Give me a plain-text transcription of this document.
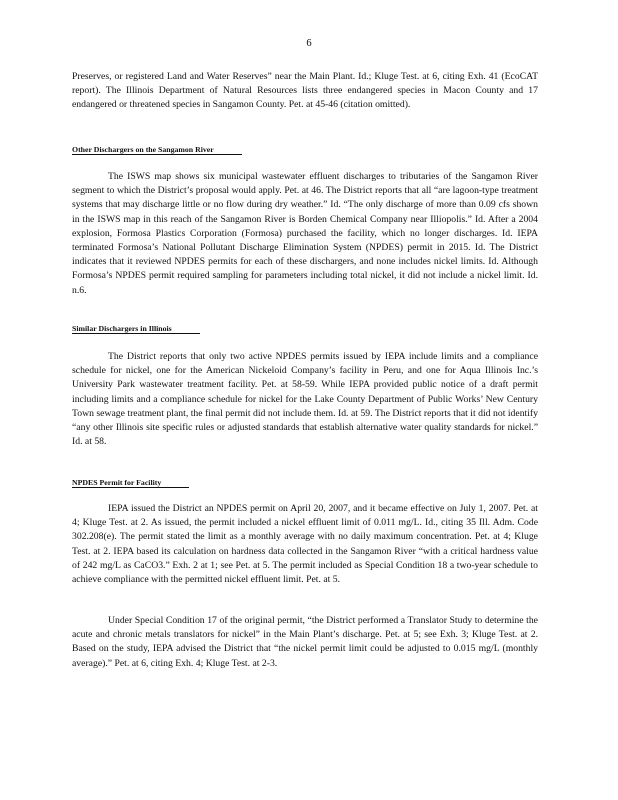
6

Preserves, or registered Land and Water Reserves” near the Main Plant. Id.; Kluge Test. at 6, citing Exh. 41 (EcoCAT report). The Illinois Department of Natural Resources lists three endangered species in Macon County and 17 endangered or threatened species in Sangamon County. Pet. at 45-46 (citation omitted).

Other Dischargers on the Sangamon River

The ISWS map shows six municipal wastewater effluent discharges to tributaries of the Sangamon River segment to which the District’s proposal would apply. Pet. at 46. The District reports that all “are lagoon-type treatment systems that may discharge little or no flow during dry weather.” Id. “The only discharge of more than 0.09 cfs shown in the ISWS map in this reach of the Sangamon River is Borden Chemical Company near Illiopolis.” Id. After a 2004 explosion, Formosa Plastics Corporation (Formosa) purchased the facility, which no longer discharges. Id. IEPA terminated Formosa’s National Pollutant Discharge Elimination System (NPDES) permit in 2015. Id. The District indicates that it reviewed NPDES permits for each of these dischargers, and none includes nickel limits. Id. Although Formosa’s NPDES permit required sampling for parameters including total nickel, it did not include a nickel limit. Id. n.6.

Similar Dischargers in Illinois

The District reports that only two active NPDES permits issued by IEPA include limits and a compliance schedule for nickel, one for the American Nickeloid Company’s facility in Peru, and one for Aqua Illinois Inc.’s University Park wastewater treatment facility. Pet. at 58-59. While IEPA provided public notice of a draft permit including limits and a compliance schedule for nickel for the Lake County Department of Public Works’ New Century Town sewage treatment plant, the final permit did not include them. Id. at 59. The District reports that it did not identify “any other Illinois site specific rules or adjusted standards that establish alternative water quality standards for nickel.” Id. at 58.

NPDES Permit for Facility

IEPA issued the District an NPDES permit on April 20, 2007, and it became effective on July 1, 2007. Pet. at 4; Kluge Test. at 2. As issued, the permit included a nickel effluent limit of 0.011 mg/L. Id., citing 35 Ill. Adm. Code 302.208(e). The permit stated the limit as a monthly average with no daily maximum concentration. Pet. at 4; Kluge Test. at 2. IEPA based its calculation on hardness data collected in the Sangamon River “with a critical hardness value of 242 mg/L as CaCO3.” Exh. 2 at 1; see Pet. at 5. The permit included as Special Condition 18 a two-year schedule to achieve compliance with the permitted nickel effluent limit. Pet. at 5.

Under Special Condition 17 of the original permit, “the District performed a Translator Study to determine the acute and chronic metals translators for nickel” in the Main Plant’s discharge. Pet. at 5; see Exh. 3; Kluge Test. at 2. Based on the study, IEPA advised the District that “the nickel permit limit could be adjusted to 0.015 mg/L (monthly average).” Pet. at 6, citing Exh. 4; Kluge Test. at 2-3.
